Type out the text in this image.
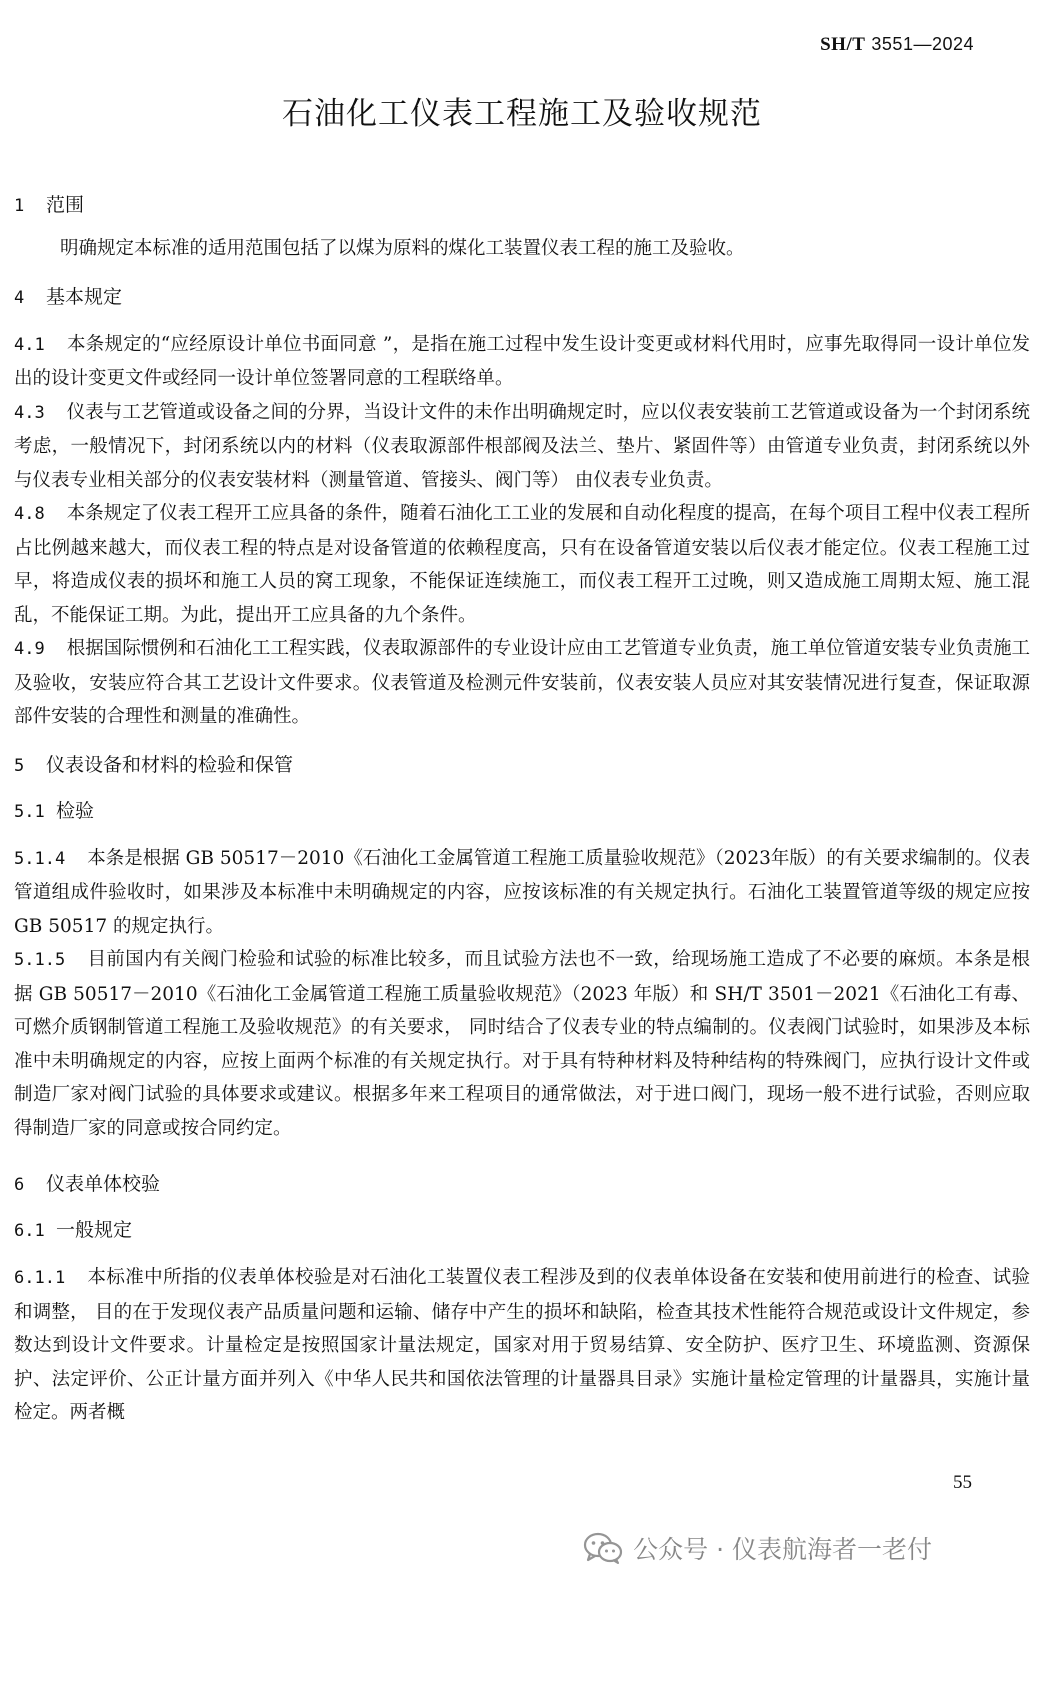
SH/T 3551—2024
石油化工仪表工程施工及验收规范
1 范围
明确规定本标准的适用范围包括了以煤为原料的煤化工装置仪表工程的施工及验收。
4 基本规定
4.1 本条规定的“应经原设计单位书面同意 ”，是指在施工过程中发生设计变更或材料代用时，应事先取得同一设计单位发出的设计变更文件或经同一设计单位签署同意的工程联络单。
4.3 仪表与工艺管道或设备之间的分界，当设计文件的未作出明确规定时，应以仪表安装前工艺管道或设备为一个封闭系统考虑，一般情况下，封闭系统以内的材料（仪表取源部件根部阀及法兰、垫片、紧固件等）由管道专业负责，封闭系统以外与仪表专业相关部分的仪表安装材料（测量管道、管接头、阀门等） 由仪表专业负责。
4.8 本条规定了仪表工程开工应具备的条件，随着石油化工工业的发展和自动化程度的提高，在每个项目工程中仪表工程所占比例越来越大，而仪表工程的特点是对设备管道的依赖程度高，只有在设备管道安装以后仪表才能定位。仪表工程施工过早，将造成仪表的损坏和施工人员的窝工现象，不能保证连续施工，而仪表工程开工过晚，则又造成施工周期太短、施工混乱，不能保证工期。为此，提出开工应具备的九个条件。
4.9 根据国际惯例和石油化工工程实践，仪表取源部件的专业设计应由工艺管道专业负责，施工单位管道安装专业负责施工及验收，安装应符合其工艺设计文件要求。仪表管道及检测元件安装前，仪表安装人员应对其安装情况进行复查，保证取源部件安装的合理性和测量的准确性。
5 仪表设备和材料的检验和保管
5.1 检验
5.1.4 本条是根据 GB 50517－2010《石油化工金属管道工程施工质量验收规范》（2023年版）的有关要求编制的。仪表管道组成件验收时，如果涉及本标准中未明确规定的内容，应按该标准的有关规定执行。石油化工装置管道等级的规定应按 GB 50517 的规定执行。
5.1.5 目前国内有关阀门检验和试验的标准比较多，而且试验方法也不一致，给现场施工造成了不必要的麻烦。本条是根据 GB 50517－2010《石油化工金属管道工程施工质量验收规范》（2023 年版）和 SH/T 3501－2021《石油化工有毒、可燃介质钢制管道工程施工及验收规范》的有关要求， 同时结合了仪表专业的特点编制的。仪表阀门试验时，如果涉及本标准中未明确规定的内容，应按上面两个标准的有关规定执行。对于具有特种材料及特种结构的特殊阀门，应执行设计文件或制造厂家对阀门试验的具体要求或建议。根据多年来工程项目的通常做法，对于进口阀门，现场一般不进行试验，否则应取得制造厂家的同意或按合同约定。
6 仪表单体校验
6.1 一般规定
6.1.1 本标准中所指的仪表单体校验是对石油化工装置仪表工程涉及到的仪表单体设备在安装和使用前进行的检查、试验和调整， 目的在于发现仪表产品质量问题和运输、储存中产生的损坏和缺陷，检查其技术性能符合规范或设计文件规定，参数达到设计文件要求。计量检定是按照国家计量法规定，国家对用于贸易结算、安全防护、医疗卫生、环境监测、资源保护、法定评价、公正计量方面并列入《中华人民共和国依法管理的计量器具目录》实施计量检定管理的计量器具，实施计量检定。两者概
55
公众号 · 仪表航海者一老付
